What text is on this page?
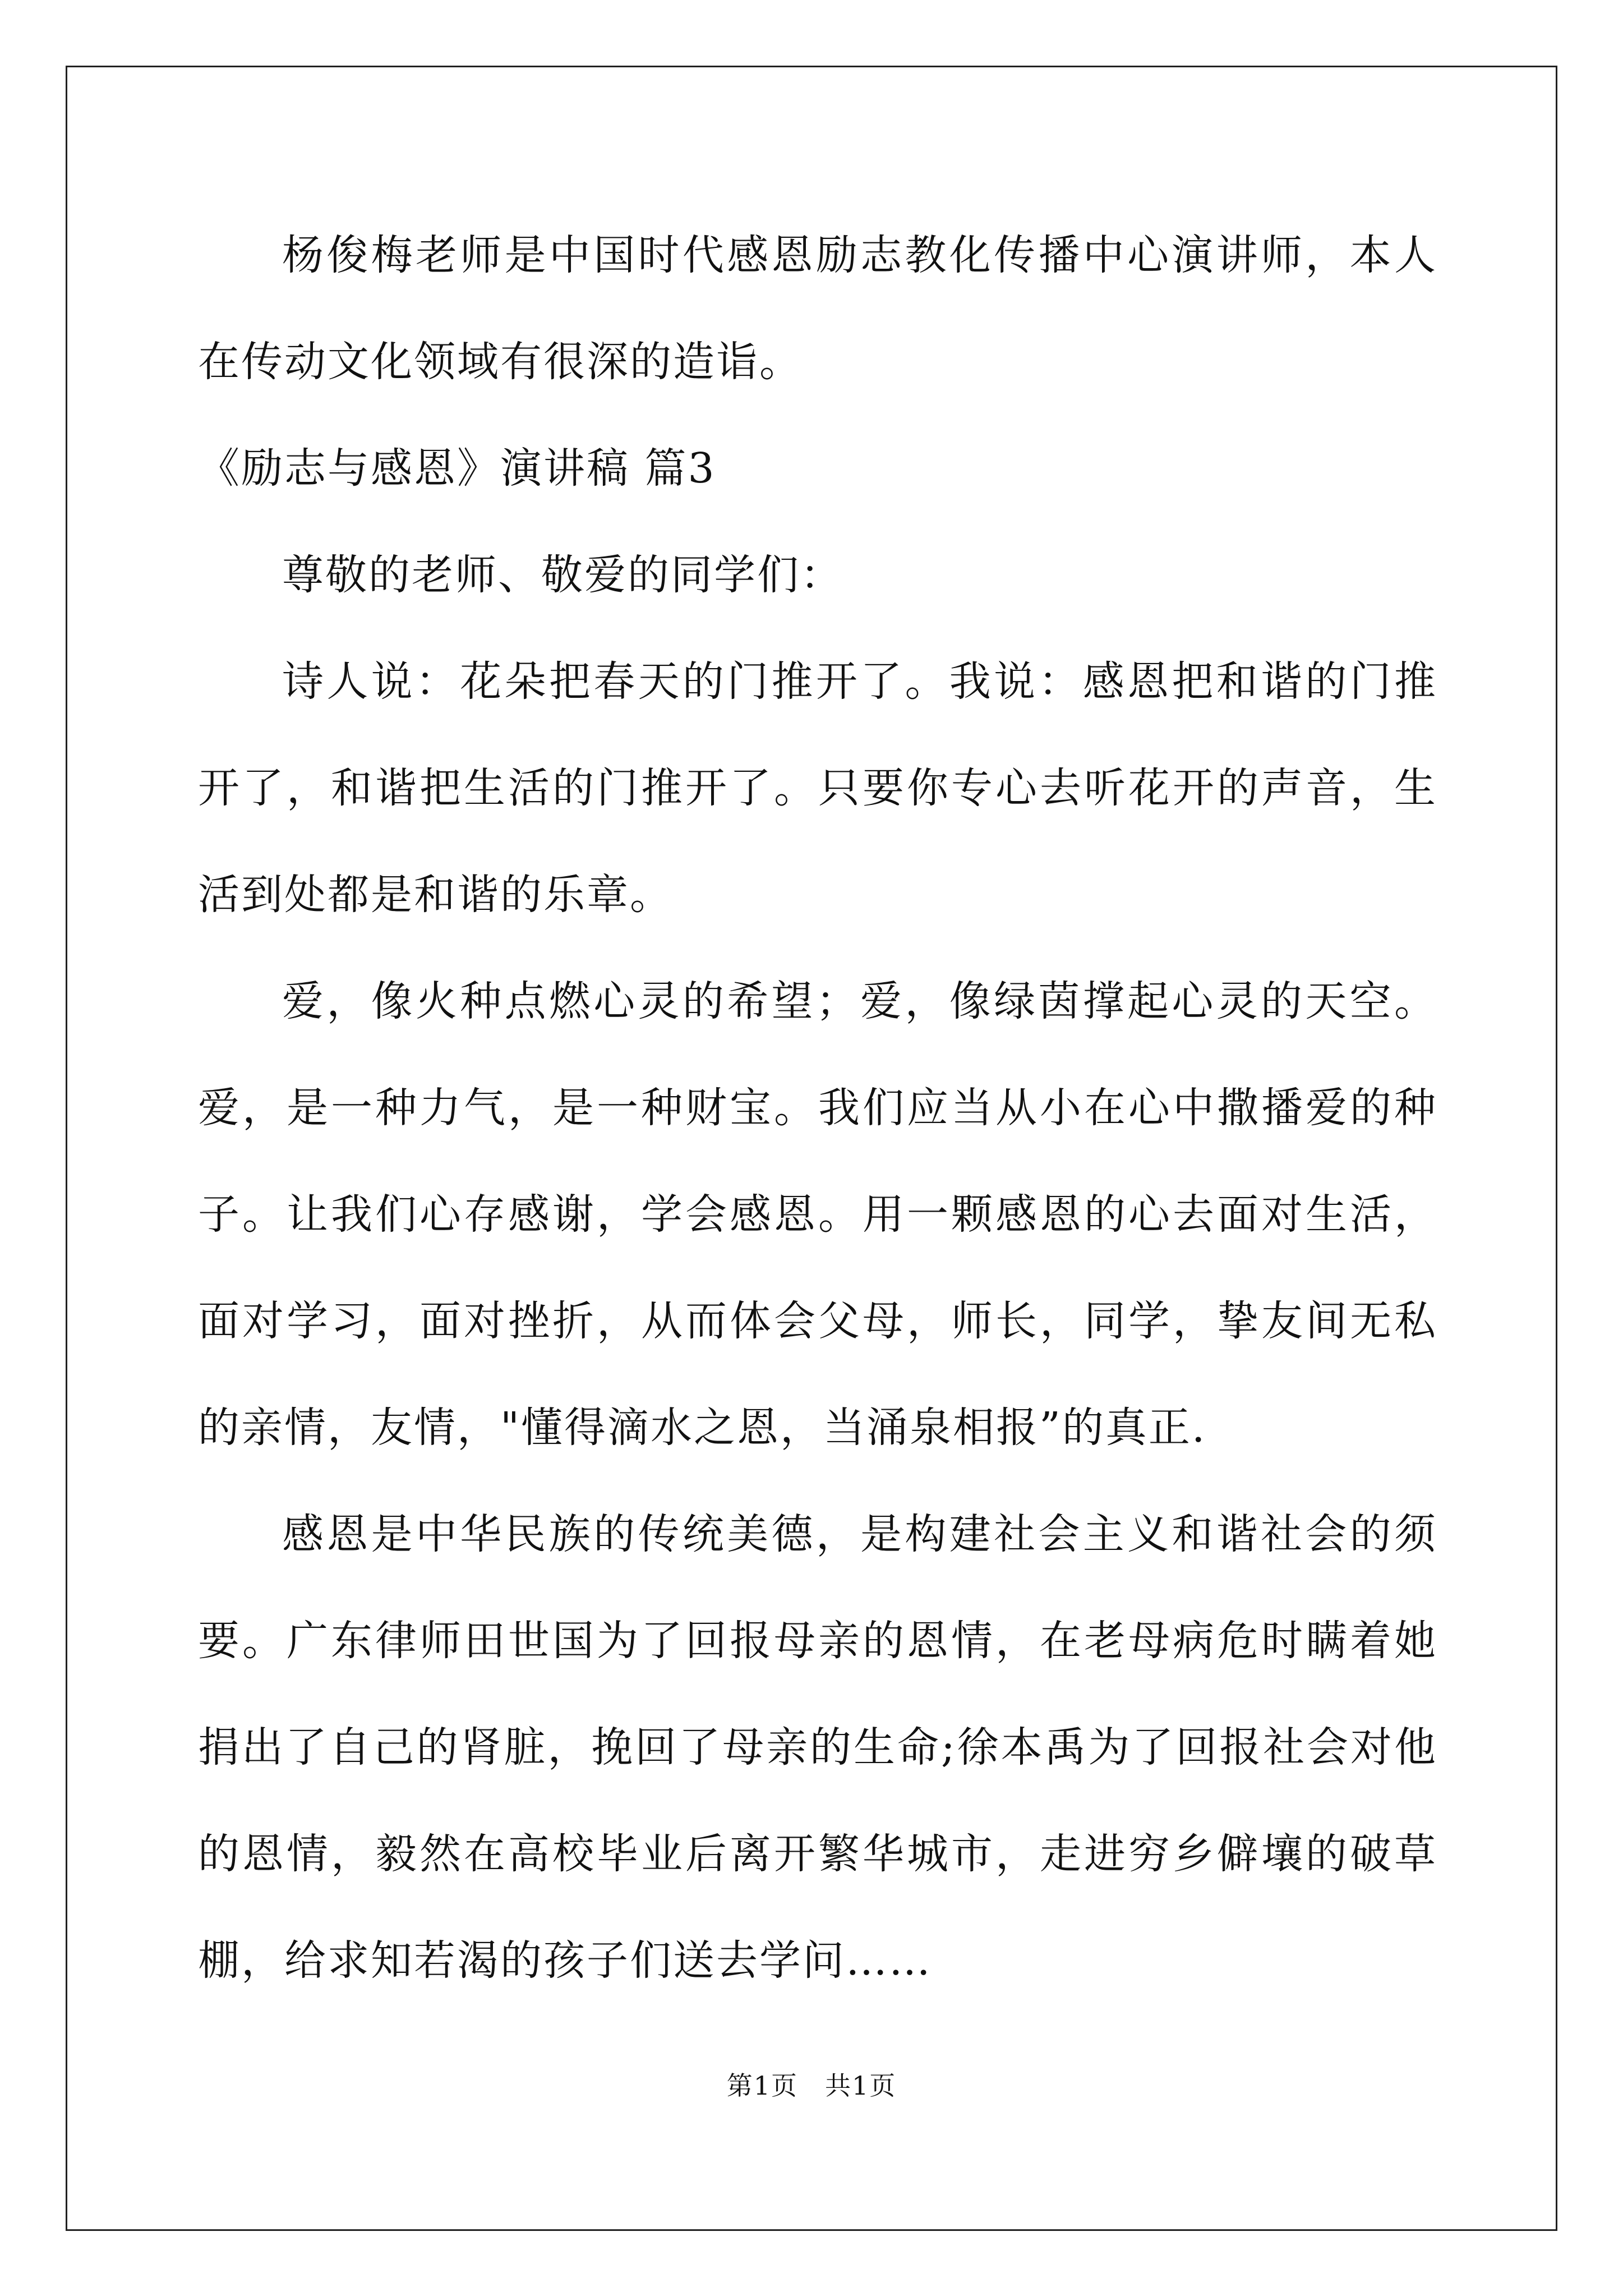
杨俊梅老师是中国时代感恩励志教化传播中心演讲师，本人在传动文化领域有很深的造诣。

《励志与感恩》演讲稿 篇3

尊敬的老师、敬爱的同学们：

诗人说：花朵把春天的门推开了。我说：感恩把和谐的门推开了，和谐把生活的门推开了。只要你专心去听花开的声音，生活到处都是和谐的乐章。

爱，像火种点燃心灵的希望；爱，像绿茵撑起心灵的天空。爱，是一种力气，是一种财宝。我们应当从小在心中撒播爱的种子。让我们心存感谢，学会感恩。用一颗感恩的心去面对生活，面对学习，面对挫折，从而体会父母，师长，同学，挚友间无私的亲情，友情，"懂得滴水之恩，当涌泉相报”的真正.

感恩是中华民族的传统美德，是构建社会主义和谐社会的须要。广东律师田世国为了回报母亲的恩情，在老母病危时瞒着她捐出了自己的肾脏，挽回了母亲的生命;徐本禹为了回报社会对他的恩情，毅然在高校毕业后离开繁华城市，走进穷乡僻壤的破草棚，给求知若渴的孩子们送去学问……

第1页 共1页
